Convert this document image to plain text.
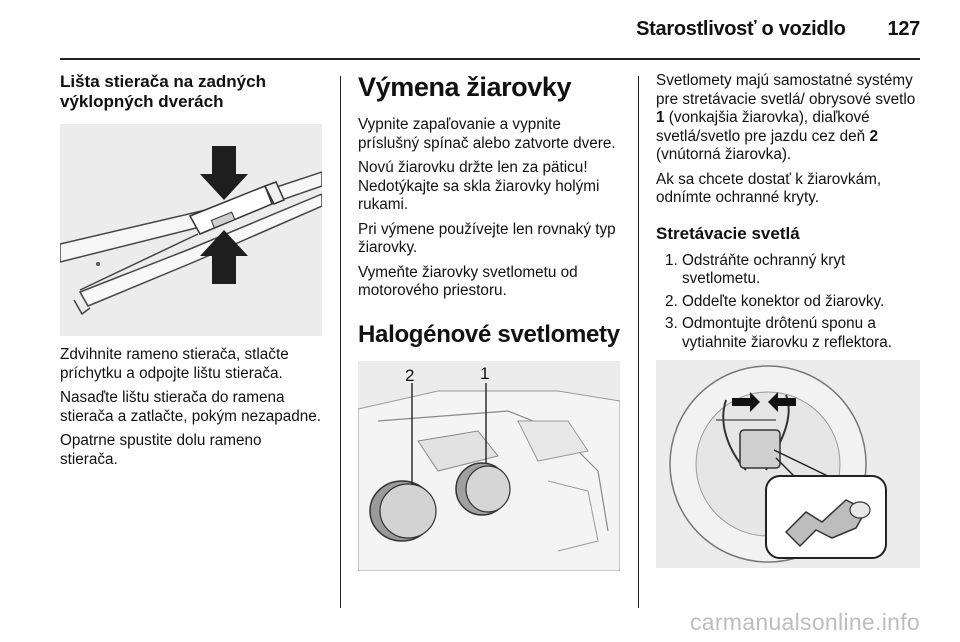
Starostlivosť o vozidlo 127
Lišta stierača na zadných výklopných dverách

Zdvihnite rameno stierača, stlačte príchytku a odpojte lištu stierača.

Nasaďte lištu stierača do ramena stierača a zatlačte, pokým nezapadne.

Opatrne spustite dolu rameno stierača.

Výmena žiarovky

Vypnite zapaľovanie a vypnite príslušný spínač alebo zatvorte dvere.

Novú žiarovku držte len za päticu! Nedotýkajte sa skla žiarovky holými rukami.

Pri výmene používejte len rovnaký typ žiarovky.

Vymeňte žiarovky svetlometu od motorového priestoru.

Halogénové svetlomety
2	1

Svetlomety majú samostatné systémy pre stretávacie svetlá/ obrysové svetlo 1 (vonkajšia žiarovka), diaľkové svetlá/svetlo pre jazdu cez deň 2 (vnútorná žiarovka).

Ak sa chcete dostať k žiarovkám, odnímte ochranné kryty.

Stretávacie svetlá
1. Odstráňte ochranný kryt svetlometu.
2. Oddeľte konektor od žiarovky.
3. Odmontujte drôtenú sponu a vytiahnite žiarovku z reflektora.
carmanualsonline.info
